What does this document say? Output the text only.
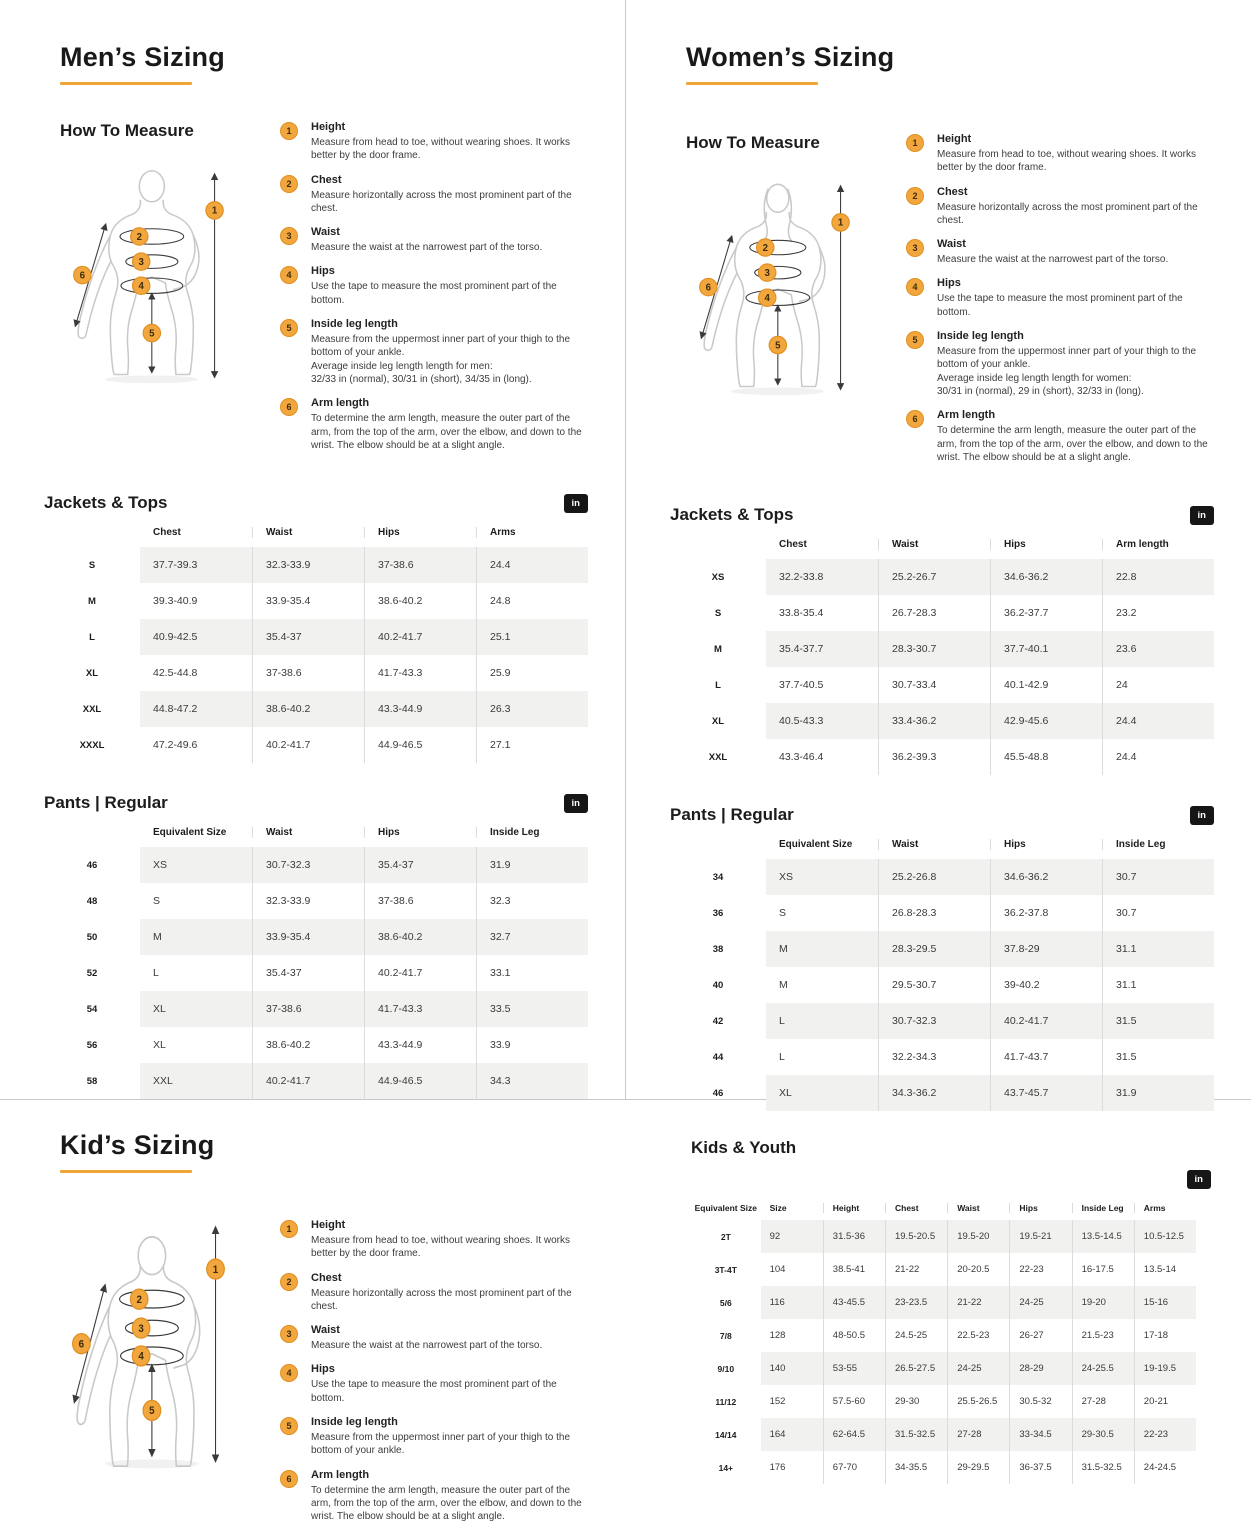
Men’s Sizing
How To Measure
1
2
3
4
5
6
1	Height
Measure from head to toe, without wearing shoes. It works better by the door frame.
2	Chest
Measure horizontally across the most prominent part of the chest.
3	Waist
Measure the waist at the narrowest part of the torso.
4	Hips
Use the tape to measure the most prominent part of the bottom.
5	Inside leg length
Measure from the uppermost inner part of your thigh to the bottom of your ankle.
Average inside leg length length for men:
32/33 in (normal), 30/31 in (short), 34/35 in (long).
6	Arm length
To determine the arm length, measure the outer part of the arm, from the top of the arm, over the elbow, and down to the wrist. The elbow should be at a slight angle.
Jackets & Tops	in
Chest	Waist	Hips	Arms
S	37.7-39.3	32.3-33.9	37-38.6	24.4
M	39.3-40.9	33.9-35.4	38.6-40.2	24.8
L	40.9-42.5	35.4-37	40.2-41.7	25.1
XL	42.5-44.8	37-38.6	41.7-43.3	25.9
XXL	44.8-47.2	38.6-40.2	43.3-44.9	26.3
XXXL	47.2-49.6	40.2-41.7	44.9-46.5	27.1
Pants | Regular	in
Equivalent Size	Waist	Hips	Inside Leg
46	XS	30.7-32.3	35.4-37	31.9
48	S	32.3-33.9	37-38.6	32.3
50	M	33.9-35.4	38.6-40.2	32.7
52	L	35.4-37	40.2-41.7	33.1
54	XL	37-38.6	41.7-43.3	33.5
56	XL	38.6-40.2	43.3-44.9	33.9
58	XXL	40.2-41.7	44.9-46.5	34.3
Women’s Sizing
How To Measure
1
2
3
4
5
6
1	Height
Measure from head to toe, without wearing shoes. It works better by the door frame.
2	Chest
Measure horizontally across the most prominent part of the chest.
3	Waist
Measure the waist at the narrowest part of the torso.
4	Hips
Use the tape to measure the most prominent part of the bottom.
5	Inside leg length
Measure from the uppermost inner part of your thigh to the bottom of your ankle.
Average inside leg length length for women:
30/31 in (normal), 29 in (short), 32/33 in (long).
6	Arm length
To determine the arm length, measure the outer part of the arm, from the top of the arm, over the elbow, and down to the wrist. The elbow should be at a slight angle.
Jackets & Tops	in
Chest	Waist	Hips	Arm length
XS	32.2-33.8	25.2-26.7	34.6-36.2	22.8
S	33.8-35.4	26.7-28.3	36.2-37.7	23.2
M	35.4-37.7	28.3-30.7	37.7-40.1	23.6
L	37.7-40.5	30.7-33.4	40.1-42.9	24
XL	40.5-43.3	33.4-36.2	42.9-45.6	24.4
XXL	43.3-46.4	36.2-39.3	45.5-48.8	24.4
Pants | Regular	in
Equivalent Size	Waist	Hips	Inside Leg
34	XS	25.2-26.8	34.6-36.2	30.7
36	S	26.8-28.3	36.2-37.8	30.7
38	M	28.3-29.5	37.8-29	31.1
40	M	29.5-30.7	39-40.2	31.1
42	L	30.7-32.3	40.2-41.7	31.5
44	L	32.2-34.3	41.7-43.7	31.5
46	XL	34.3-36.2	43.7-45.7	31.9
Kid’s Sizing
1
2
3
4
5
6
1	Height
Measure from head to toe, without wearing shoes. It works better by the door frame.
2	Chest
Measure horizontally across the most prominent part of the chest.
3	Waist
Measure the waist at the narrowest part of the torso.
4	Hips
Use the tape to measure the most prominent part of the bottom.
5	Inside leg length
Measure from the uppermost inner part of your thigh to the bottom of your ankle.
6	Arm length
To determine the arm length, measure the outer part of the arm, from the top of the arm, over the elbow, and down to the wrist. The elbow should be at a slight angle.
Kids & Youth
in
Equivalent Size	Size	Height	Chest	Waist	Hips	Inside Leg	Arms
2T	92	31.5-36	19.5-20.5	19.5-20	19.5-21	13.5-14.5	10.5-12.5
3T-4T	104	38.5-41	21-22	20-20.5	22-23	16-17.5	13.5-14
5/6	116	43-45.5	23-23.5	21-22	24-25	19-20	15-16
7/8	128	48-50.5	24.5-25	22.5-23	26-27	21.5-23	17-18
9/10	140	53-55	26.5-27.5	24-25	28-29	24-25.5	19-19.5
11/12	152	57.5-60	29-30	25.5-26.5	30.5-32	27-28	20-21
14/14	164	62-64.5	31.5-32.5	27-28	33-34.5	29-30.5	22-23
14+	176	67-70	34-35.5	29-29.5	36-37.5	31.5-32.5	24-24.5
